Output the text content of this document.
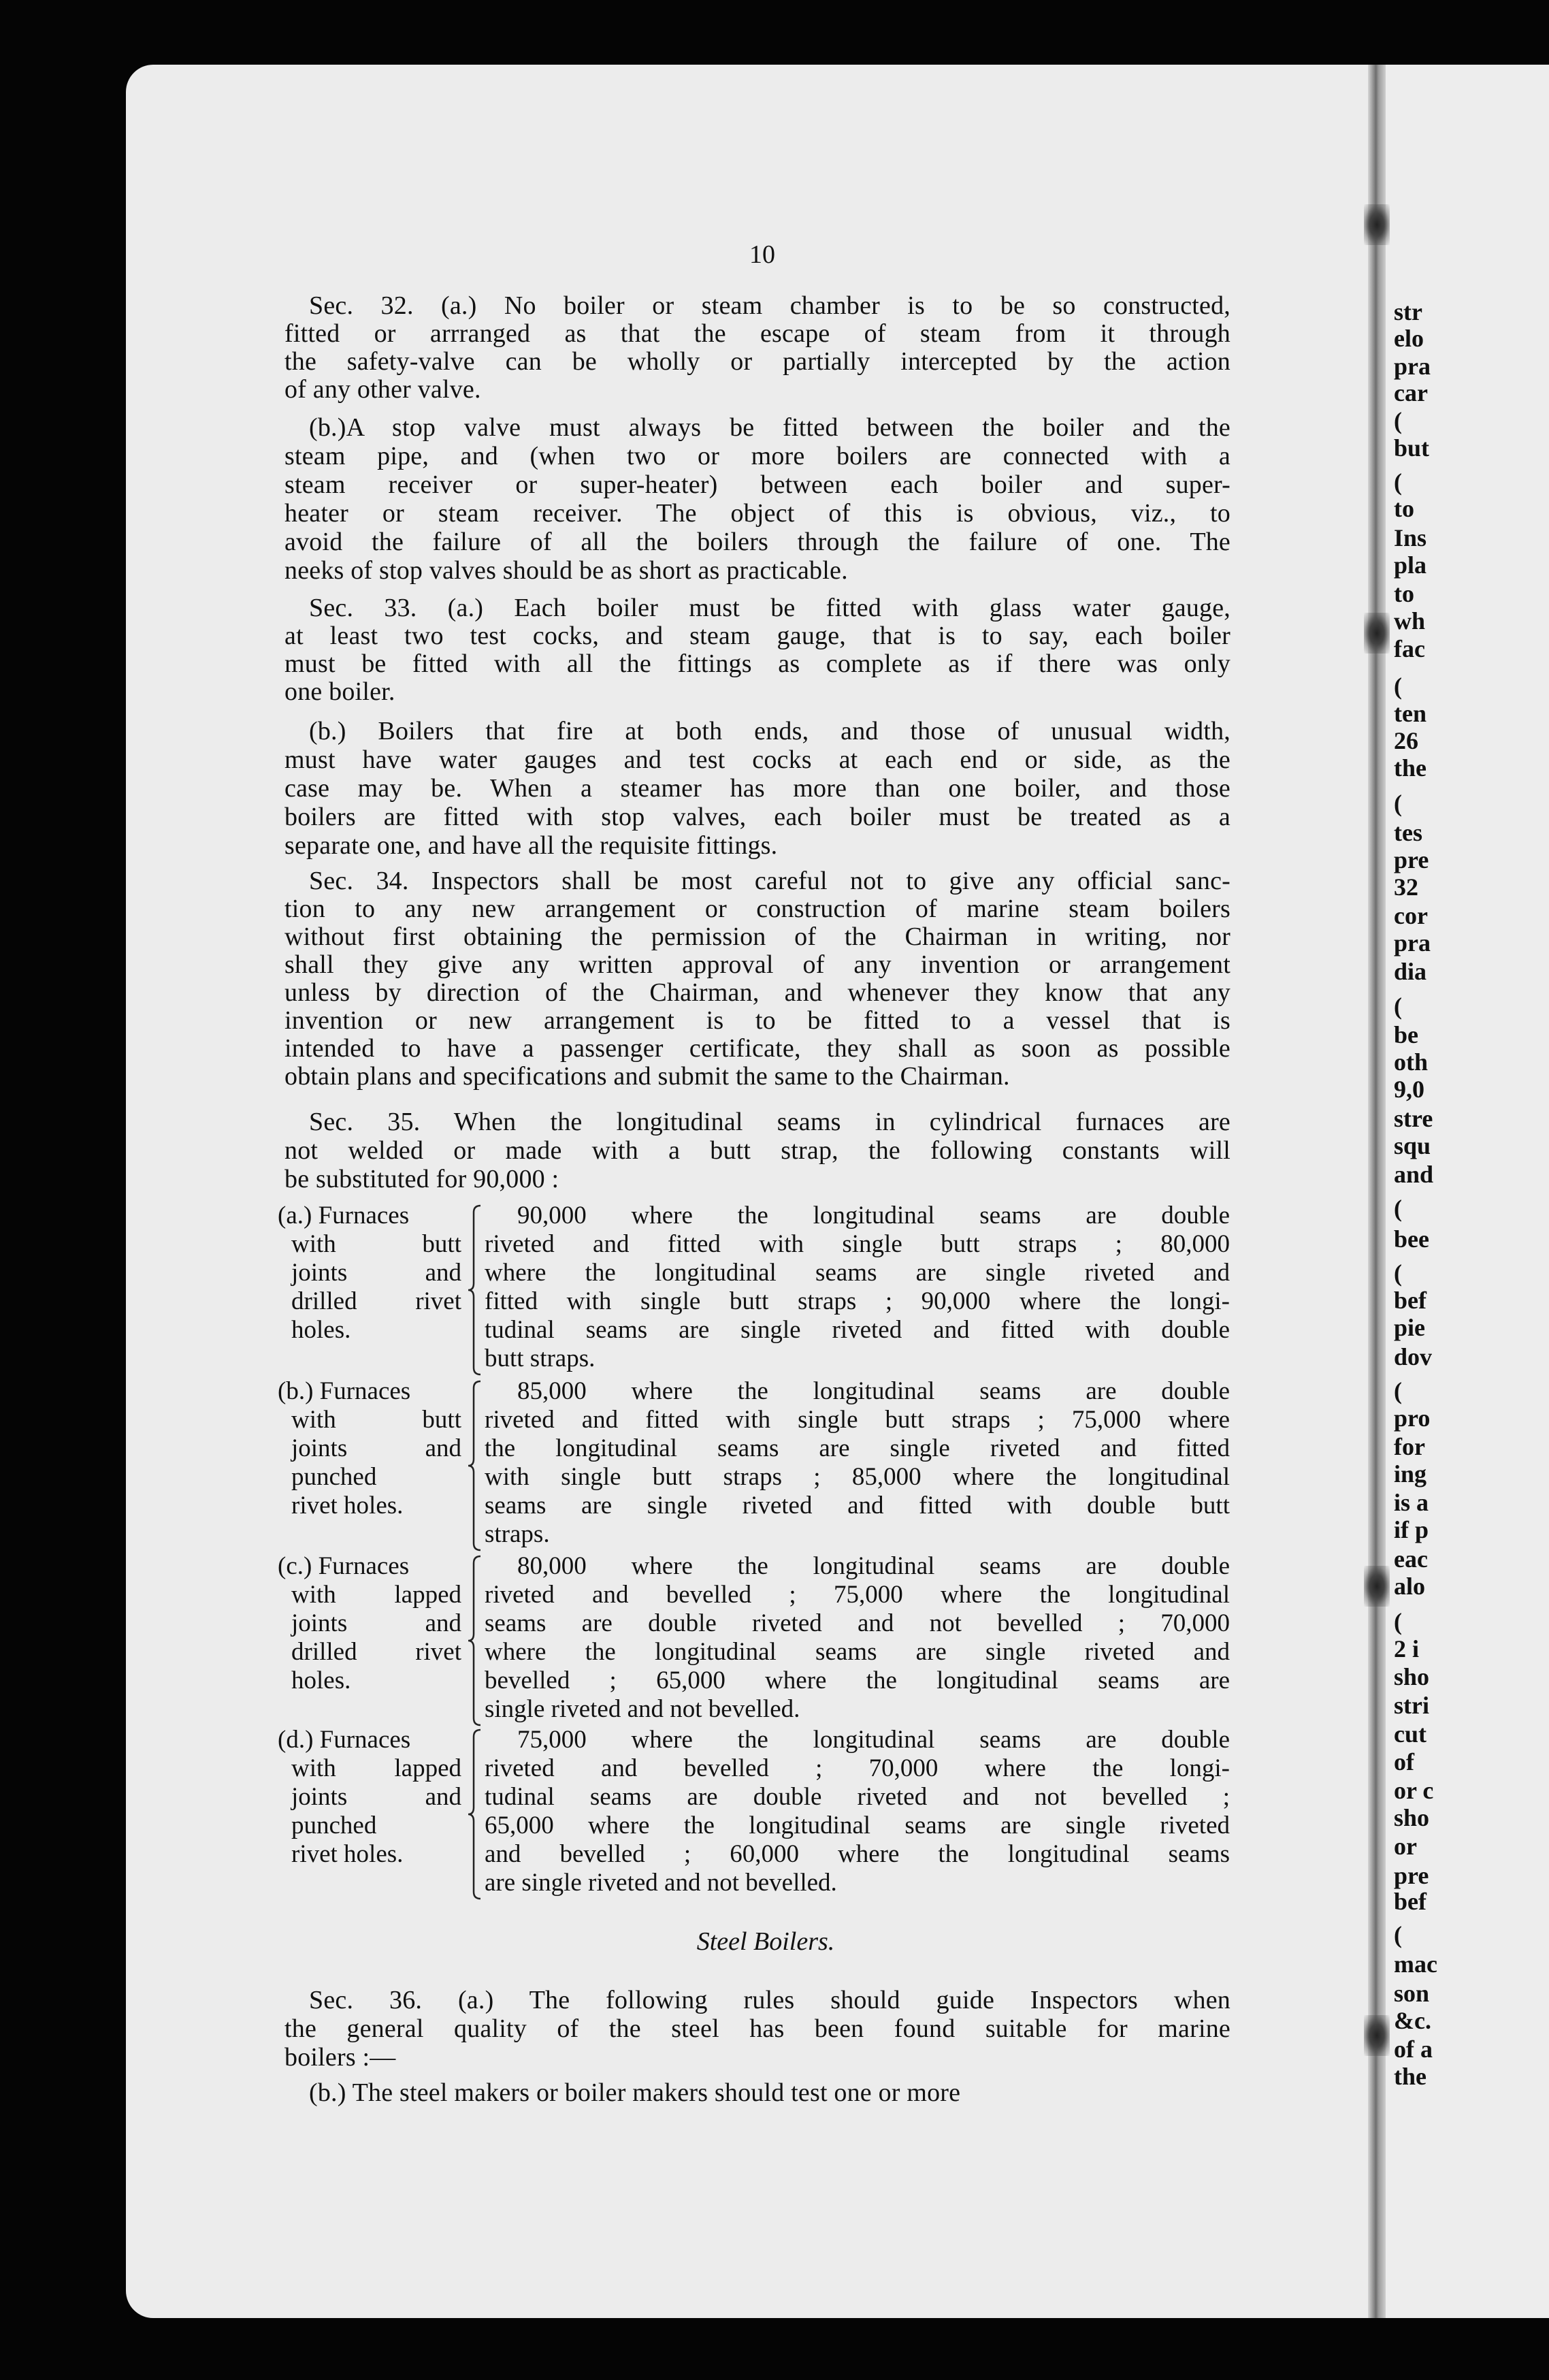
str
elo
pra
car
(
but
(
to
Ins
pla
to
wh
fac
(
ten
26
the
(
tes
pre
32
cor
pra
dia
(
be
oth
9,0
stre
squ
and
(
bee
(
bef
pie
dov
(
pro
for
ing
is a
if p
eac
alo
(
2 i
sho
stri
cut
of
or c
sho
or
pre
bef
(
mac
son
&c.
of a
the
10
Sec. 32. (a.) No boiler or steam chamber is to be so constructed,
fitted or arrranged as that the escape of steam from it through
the safety-valve can be wholly or partially intercepted by the action
of any other valve.
(b.)A stop valve must always be fitted between the boiler and the
steam pipe, and (when two or more boilers are connected with a
steam receiver or super-heater) between each boiler and super-
heater or steam receiver. The object of this is obvious, viz., to
avoid the failure of all the boilers through the failure of one. The
neeks of stop valves should be as short as practicable.
Sec. 33. (a.) Each boiler must be fitted with glass water gauge,
at least two test cocks, and steam gauge, that is to say, each boiler
must be fitted with all the fittings as complete as if there was only
one boiler.
(b.) Boilers that fire at both ends, and those of unusual width,
must have water gauges and test cocks at each end or side, as the
case may be. When a steamer has more than one boiler, and those
boilers are fitted with stop valves, each boiler must be treated as a
separate one, and have all the requisite fittings.
Sec. 34. Inspectors shall be most careful not to give any official sanc-
tion to any new arrangement or construction of marine steam boilers
without first obtaining the permission of the Chairman in writing, nor
shall they give any written approval of any invention or arrangement
unless by direction of the Chairman, and whenever they know that any
invention or new arrangement is to be fitted to a vessel that is
intended to have a passenger certificate, they shall as soon as possible
obtain plans and specifications and submit the same to the Chairman.
Sec. 35. When the longitudinal seams in cylindrical furnaces are
not welded or made with a butt strap, the following constants will
be substituted for 90,000 :
Sec. 36. (a.) The following rules should guide Inspectors when
the general quality of the steel has been found suitable for marine
boilers :—
(b.) The steel makers or boiler makers should test one or more
(a.) Furnaces
with butt
joints and
drilled rivet
holes.
90,000 where the longitudinal seams are double
riveted and fitted with single butt straps ; 80,000
where the longitudinal seams are single riveted and
fitted with single butt straps ; 90,000 where the longi-
tudinal seams are single riveted and fitted with double
butt straps.
(b.) Furnaces
with butt
joints and
punched
rivet holes.
85,000 where the longitudinal seams are double
riveted and fitted with single butt straps ; 75,000 where
the longitudinal seams are single riveted and fitted
with single butt straps ; 85,000 where the longitudinal
seams are single riveted and fitted with double butt
straps.
(c.) Furnaces
with lapped
joints and
drilled rivet
holes.
80,000 where the longitudinal seams are double
riveted and bevelled ; 75,000 where the longitudinal
seams are double riveted and not bevelled ; 70,000
where the longitudinal seams are single riveted and
bevelled ; 65,000 where the longitudinal seams are
single riveted and not bevelled.
(d.) Furnaces
with lapped
joints and
punched
rivet holes.
75,000 where the longitudinal seams are double
riveted and bevelled ; 70,000 where the longi-
tudinal seams are double riveted and not bevelled ;
65,000 where the longitudinal seams are single riveted
and bevelled ; 60,000 where the longitudinal seams
are single riveted and not bevelled.
Steel Boilers.
